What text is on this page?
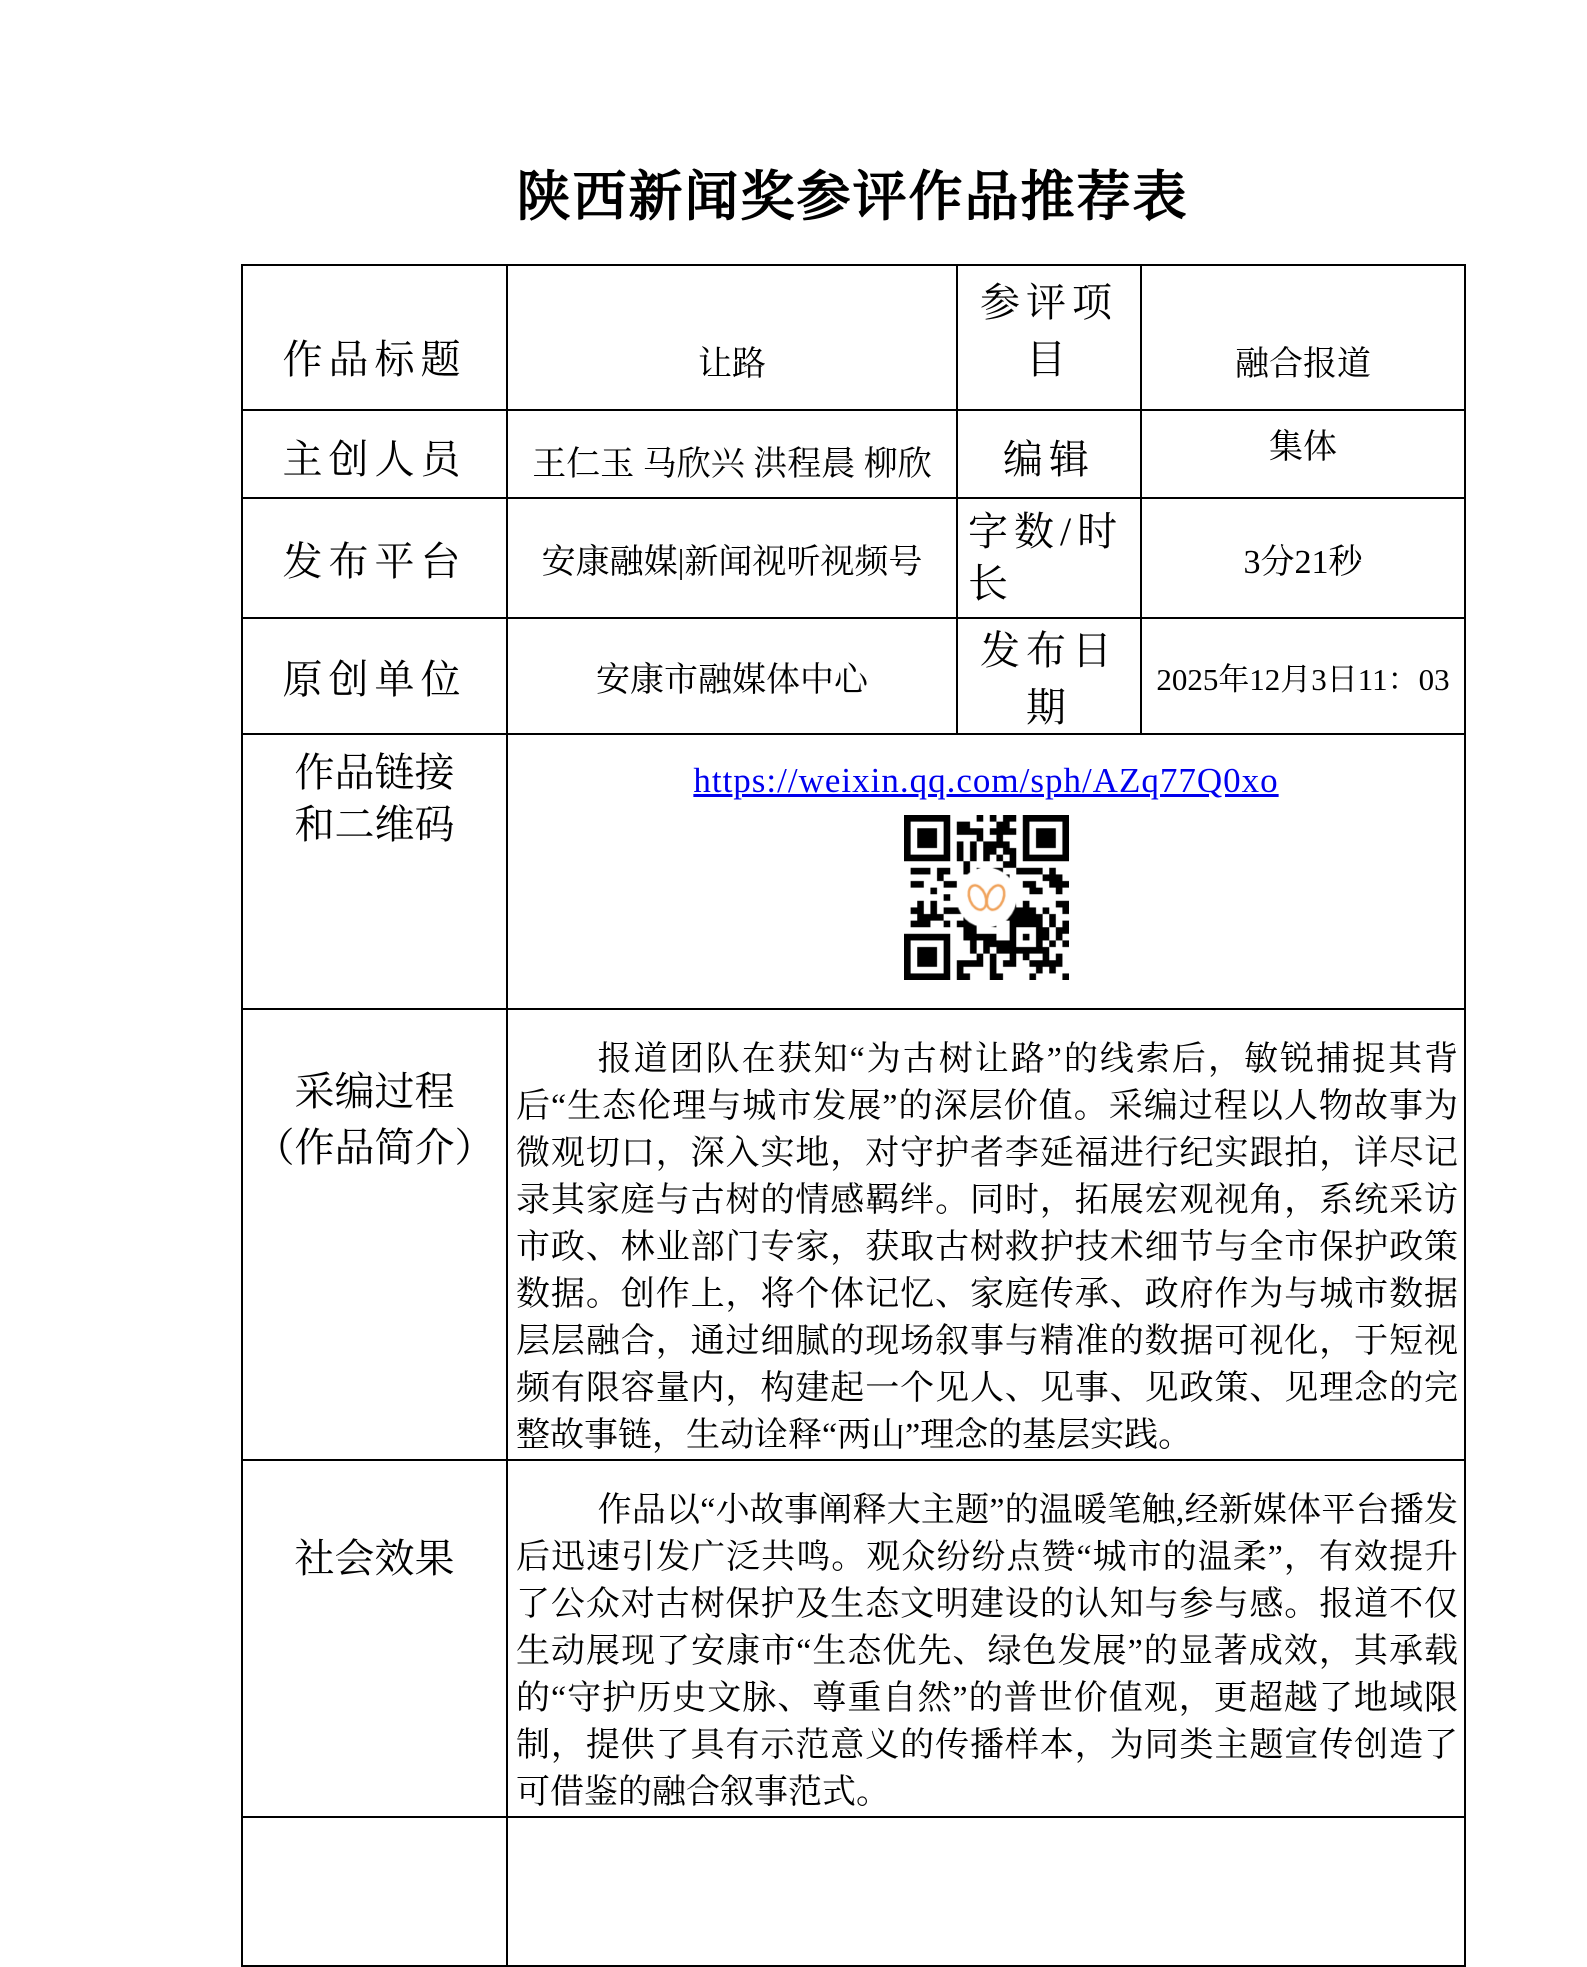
陕西新闻奖参评作品推荐表
作品标题	让路	参评项目	融合报道
主创人员	王仁玉 马欣兴 洪程晨 柳欣	编辑	集体
发布平台	安康融媒|新闻视听视频号	字数/时长	3分21秒
原创单位	安康市融媒体中心	发布日期	2025年12月3日11：03

作品链接
和二维码	https://weixin.qq.com/sph/AZq77Q0xo		

采编过程
（作品简介）	报道团队在获知“为古树让路”的线索后，敏锐捕捉其背后“生态伦理与城市发展”的深层价值。采编过程以人物故事为微观切口，深入实地，对守护者李延福进行纪实跟拍，详尽记录其家庭与古树的情感羁绊。同时，拓展宏观视角，系统采访市政、林业部门专家，获取古树救护技术细节与全市保护政策数据。创作上，将个体记忆、家庭传承、政府作为与城市数据层层融合，通过细腻的现场叙事与精准的数据可视化，于短视频有限容量内，构建起一个见人、见事、见政策、见理念的完整故事链，生动诠释“两山”理念的基层实践。		

社会效果	作品以“小故事阐释大主题”的温暖笔触,经新媒体平台播发后迅速引发广泛共鸣。观众纷纷点赞“城市的温柔”，有效提升了公众对古树保护及生态文明建设的认知与参与感。报道不仅生动展现了安康市“生态优先、绿色发展”的显著成效，其承载的“守护历史文脉、尊重自然”的普世价值观，更超越了地域限制，提供了具有示范意义的传播样本，为同类主题宣传创造了可借鉴的融合叙事范式。		
